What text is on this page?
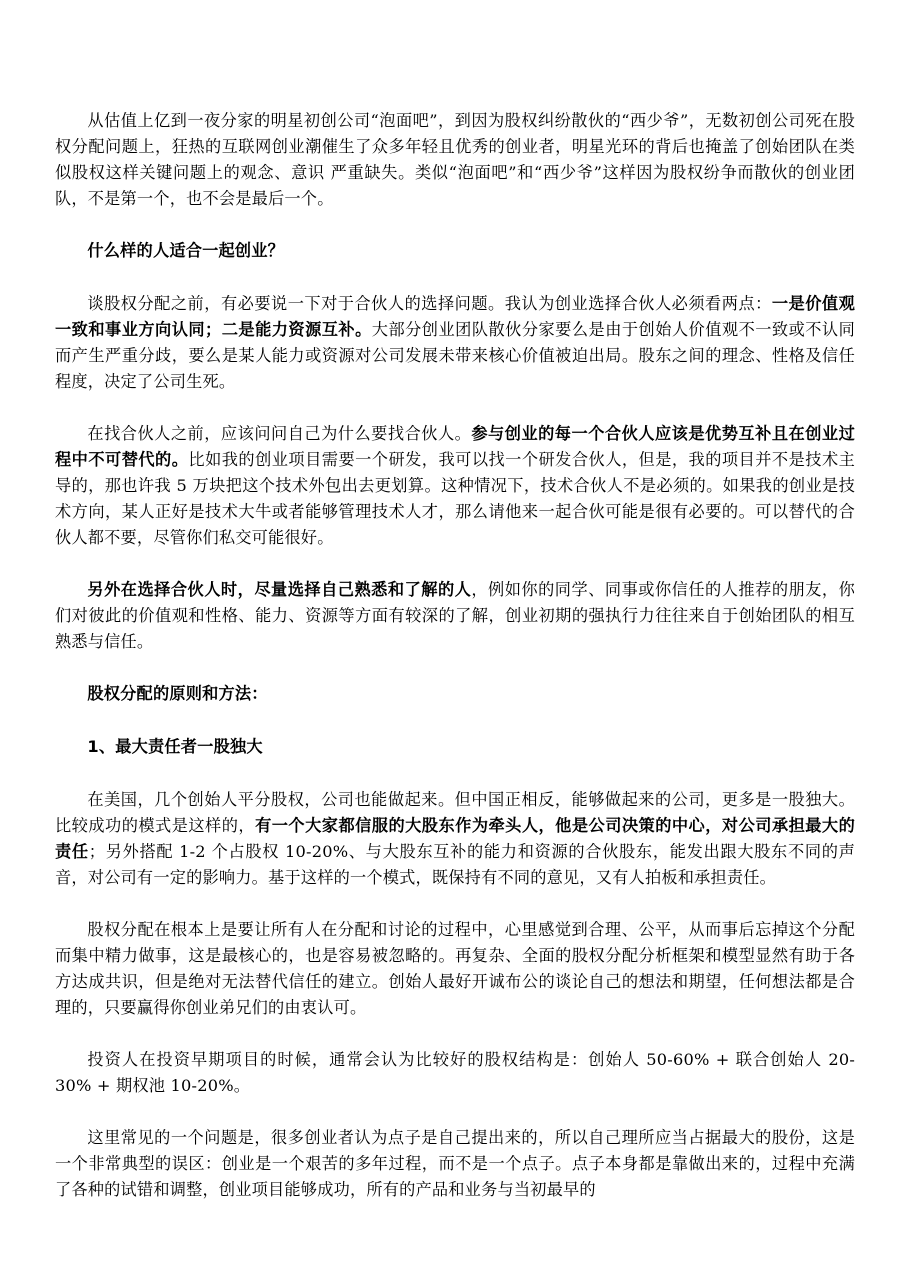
从估值上亿到一夜分家的明星初创公司“泡面吧”，到因为股权纠纷散伙的“西少爷”，无数初创公司死在股权分配问题上，狂热的互联网创业潮催生了众多年轻且优秀的创业者，明星光环的背后也掩盖了创始团队在类似股权这样关键问题上的观念、意识 严重缺失。类似“泡面吧”和“西少爷”这样因为股权纷争而散伙的创业团队，不是第一个，也不会是最后一个。

什么样的人适合一起创业？

谈股权分配之前，有必要说一下对于合伙人的选择问题。我认为创业选择合伙人必须看两点：一是价值观一致和事业方向认同；二是能力资源互补。大部分创业团队散伙分家要么是由于创始人价值观不一致或不认同而产生严重分歧，要么是某人能力或资源对公司发展未带来核心价值被迫出局。股东之间的理念、性格及信任程度，决定了公司生死。

在找合伙人之前，应该问问自己为什么要找合伙人。参与创业的每一个合伙人应该是优势互补且在创业过程中不可替代的。比如我的创业项目需要一个研发，我可以找一个研发合伙人，但是，我的项目并不是技术主导的，那也许我 5 万块把这个技术外包出去更划算。这种情况下，技术合伙人不是必须的。如果我的创业是技术方向，某人正好是技术大牛或者能够管理技术人才，那么请他来一起合伙可能是很有必要的。可以替代的合伙人都不要，尽管你们私交可能很好。

另外在选择合伙人时，尽量选择自己熟悉和了解的人，例如你的同学、同事或你信任的人推荐的朋友，你们对彼此的价值观和性格、能力、资源等方面有较深的了解，创业初期的强执行力往往来自于创始团队的相互熟悉与信任。

股权分配的原则和方法：

1、最大责任者一股独大

在美国，几个创始人平分股权，公司也能做起来。但中国正相反，能够做起来的公司，更多是一股独大。比较成功的模式是这样的，有一个大家都信服的大股东作为牵头人，他是公司决策的中心，对公司承担最大的责任；另外搭配 1-2 个占股权 10-20%、与大股东互补的能力和资源的合伙股东，能发出跟大股东不同的声音，对公司有一定的影响力。基于这样的一个模式，既保持有不同的意见，又有人拍板和承担责任。

股权分配在根本上是要让所有人在分配和讨论的过程中，心里感觉到合理、公平，从而事后忘掉这个分配而集中精力做事，这是最核心的，也是容易被忽略的。再复杂、全面的股权分配分析框架和模型显然有助于各方达成共识，但是绝对无法替代信任的建立。创始人最好开诚布公的谈论自己的想法和期望，任何想法都是合理的，只要赢得你创业弟兄们的由衷认可。

投资人在投资早期项目的时候，通常会认为比较好的股权结构是：创始人 50-60% + 联合创始人 20-30% + 期权池 10-20%。

这里常见的一个问题是，很多创业者认为点子是自己提出来的，所以自己理所应当占据最大的股份，这是一个非常典型的误区：创业是一个艰苦的多年过程，而不是一个点子。点子本身都是靠做出来的，过程中充满了各种的试错和调整，创业项目能够成功，所有的产品和业务与当初最早的
